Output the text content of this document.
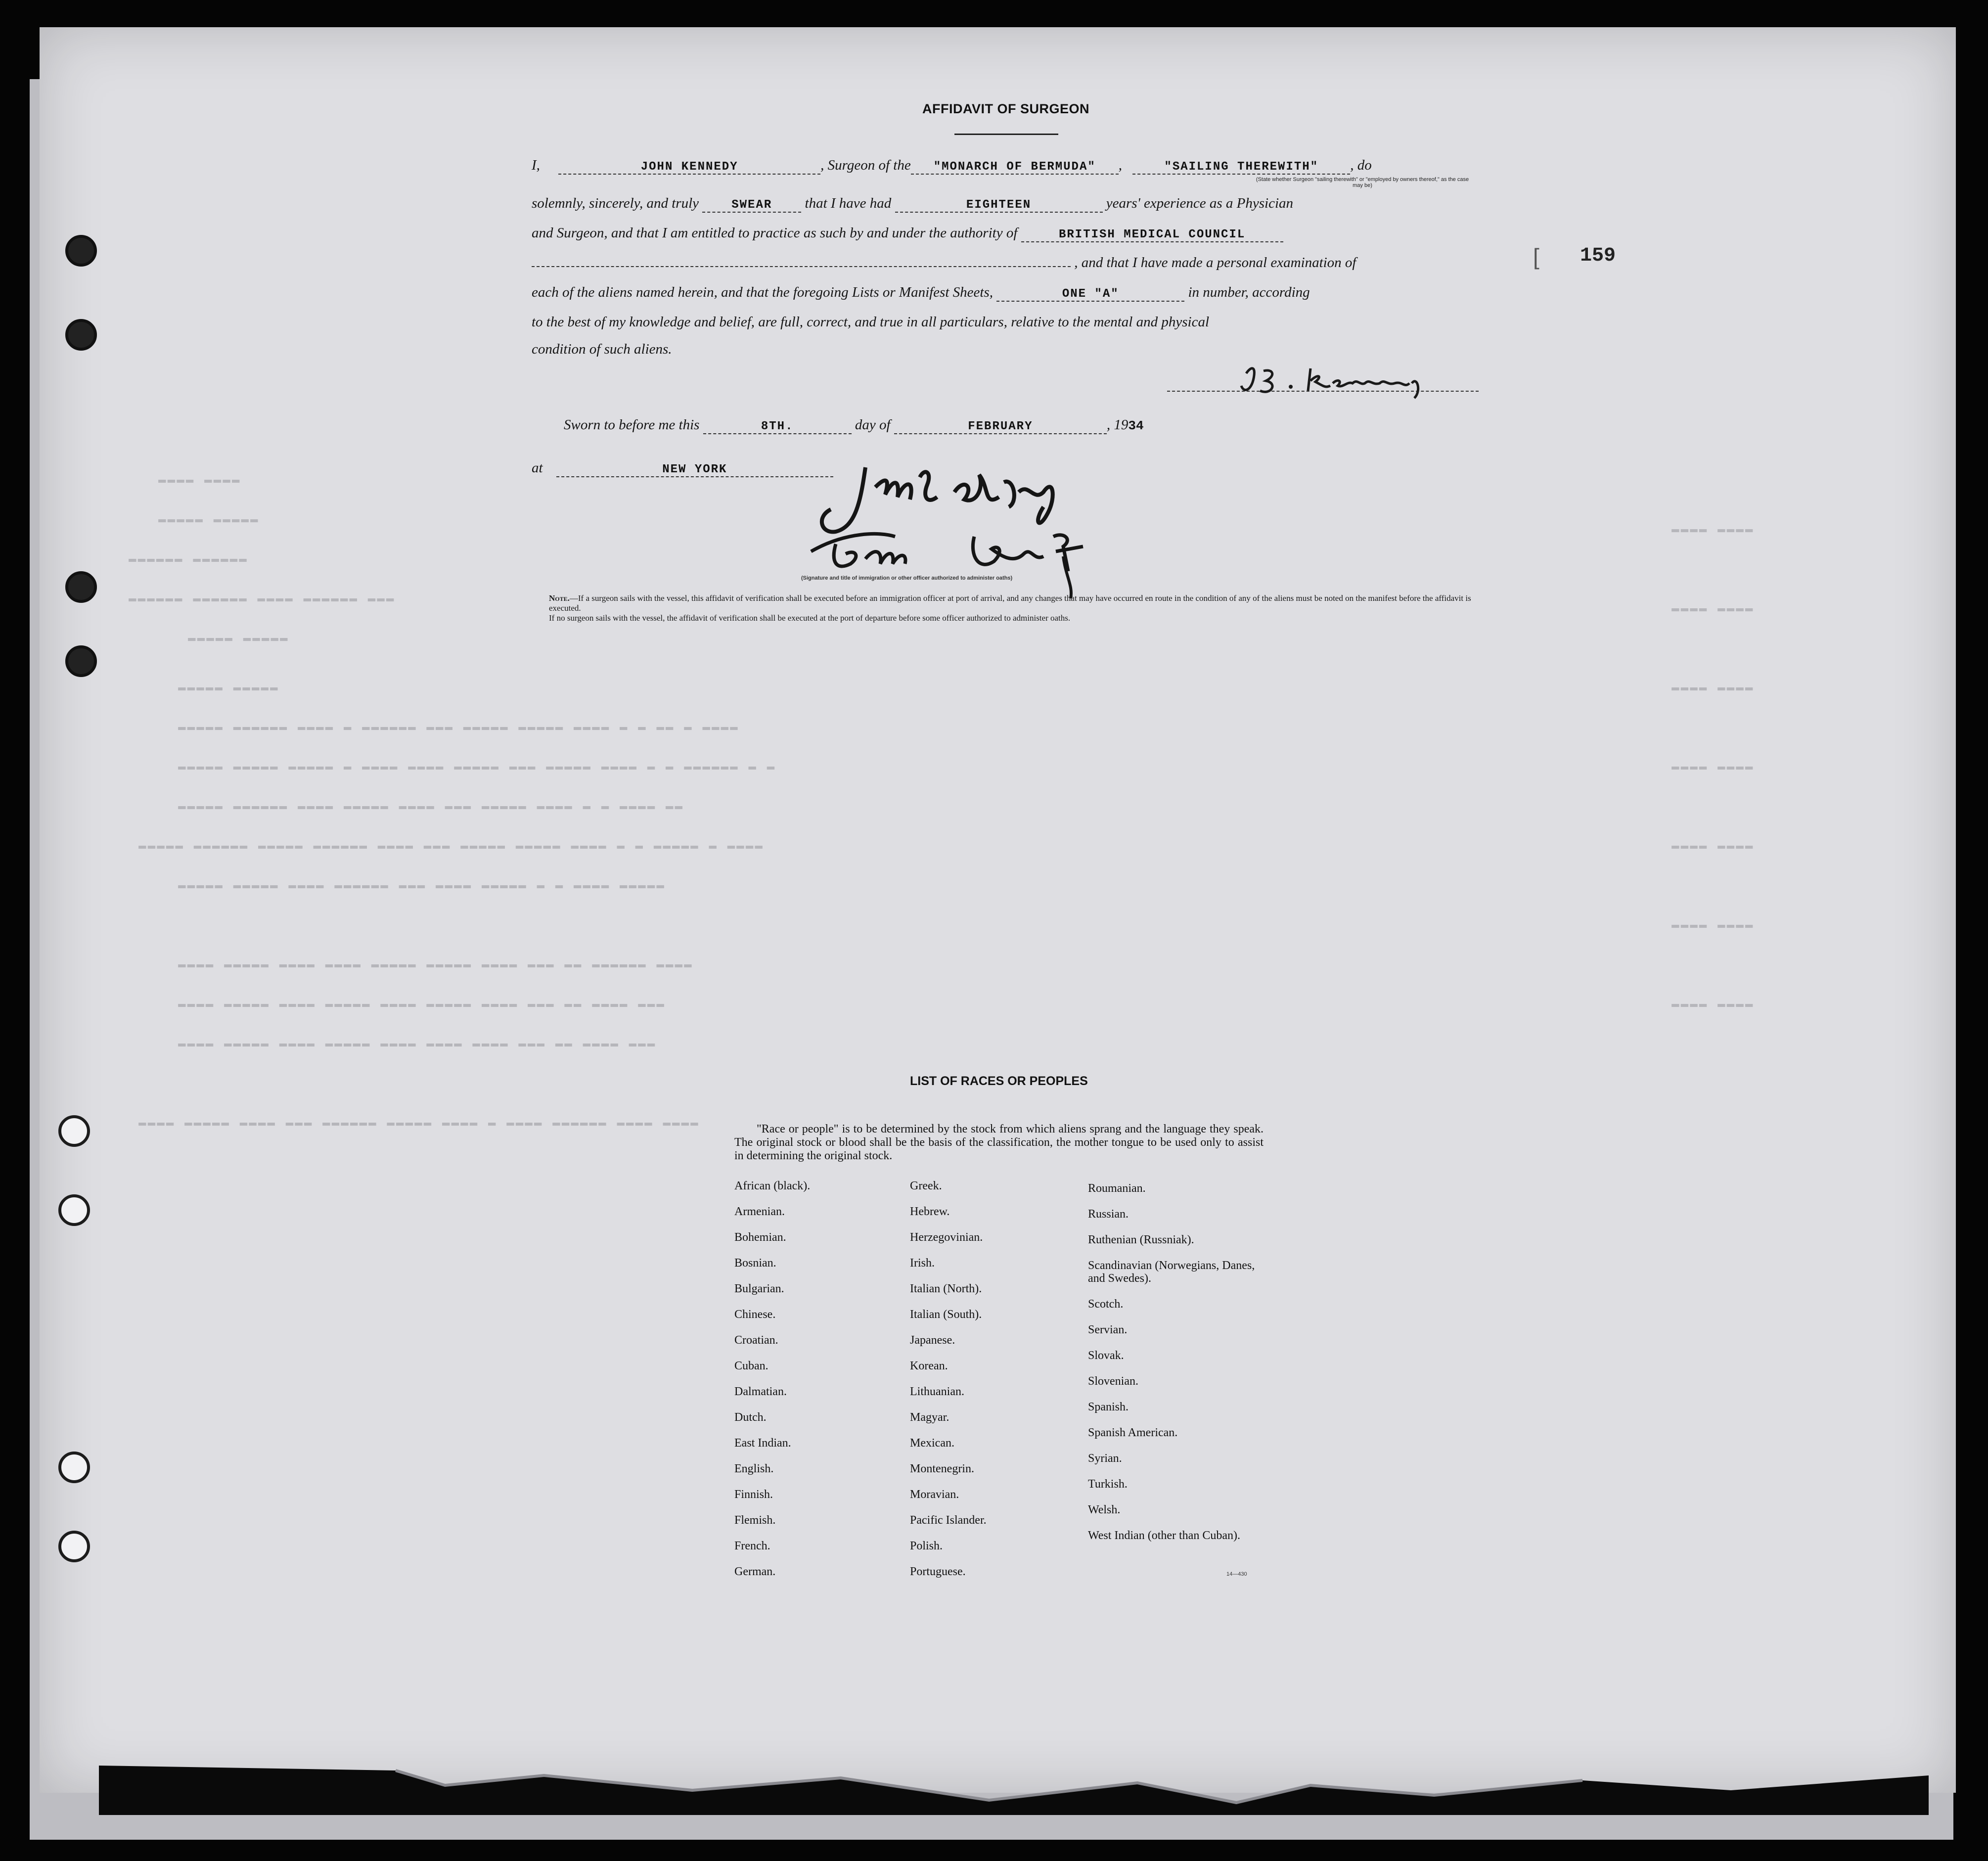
▬▬▬▬ ▬▬▬▬
▬▬▬▬▬ ▬▬▬▬▬
▬▬▬▬▬▬ ▬▬▬▬▬▬
▬▬▬▬▬▬ ▬▬▬▬▬▬ ▬▬▬▬ ▬▬▬▬▬▬ ▬▬▬
▬▬▬▬▬ ▬▬▬▬▬
▬▬▬▬▬ ▬▬▬▬▬
▬▬▬▬▬ ▬▬▬▬▬▬ ▬▬▬▬ ▬ ▬▬▬▬▬▬ ▬▬▬ ▬▬▬▬▬ ▬▬▬▬▬ ▬▬▬▬ ▬ ▬ ▬▬ ▬ ▬▬▬▬
▬▬▬▬▬ ▬▬▬▬▬ ▬▬▬▬▬ ▬ ▬▬▬▬ ▬▬▬▬ ▬▬▬▬▬ ▬▬▬ ▬▬▬▬▬ ▬▬▬▬ ▬ ▬ ▬▬▬▬▬▬ ▬ ▬
▬▬▬▬▬ ▬▬▬▬▬▬ ▬▬▬▬ ▬▬▬▬▬ ▬▬▬▬ ▬▬▬ ▬▬▬▬▬ ▬▬▬▬ ▬ ▬ ▬▬▬▬ ▬▬
▬▬▬▬▬ ▬▬▬▬▬▬ ▬▬▬▬▬ ▬▬▬▬▬▬ ▬▬▬▬ ▬▬▬ ▬▬▬▬▬ ▬▬▬▬▬ ▬▬▬▬ ▬ ▬ ▬▬▬▬▬ ▬ ▬▬▬▬
▬▬▬▬▬ ▬▬▬▬▬ ▬▬▬▬ ▬▬▬▬▬▬ ▬▬▬ ▬▬▬▬ ▬▬▬▬▬ ▬ ▬ ▬▬▬▬ ▬▬▬▬▬
▬▬▬▬ ▬▬▬▬▬ ▬▬▬▬ ▬▬▬▬ ▬▬▬▬▬ ▬▬▬▬▬ ▬▬▬▬ ▬▬▬ ▬▬ ▬▬▬▬▬▬ ▬▬▬▬
▬▬▬▬ ▬▬▬▬▬ ▬▬▬▬ ▬▬▬▬▬ ▬▬▬▬ ▬▬▬▬▬ ▬▬▬▬ ▬▬▬ ▬▬ ▬▬▬▬ ▬▬▬
▬▬▬▬ ▬▬▬▬▬ ▬▬▬▬ ▬▬▬▬▬ ▬▬▬▬ ▬▬▬▬ ▬▬▬▬ ▬▬▬ ▬▬ ▬▬▬▬ ▬▬▬
▬▬▬▬ ▬▬▬▬▬ ▬▬▬▬ ▬▬▬ ▬▬▬▬▬▬ ▬▬▬▬▬ ▬▬▬▬ ▬ ▬▬▬▬ ▬▬▬▬▬▬ ▬▬▬▬ ▬▬▬▬
▬▬▬▬ ▬▬▬▬
▬▬▬▬ ▬▬▬▬
▬▬▬▬ ▬▬▬▬
▬▬▬▬ ▬▬▬▬
▬▬▬▬ ▬▬▬▬
▬▬▬▬ ▬▬▬▬
▬▬▬▬ ▬▬▬▬
AFFIDAVIT OF SURGEON
I,	JOHN KENNEDY	, Surgeon of the "MONARCH OF BERMUDA" ,	"SAILING THEREWITH" , do
(State whether Surgeon "sailing therewith" or "employed by owners thereof," as the case may be)
solemnly, sincerely, and truly	SWEAR that I have had	EIGHTEEN	years' experience as a Physician
and Surgeon, and that I am entitled to practice as such by and under the authority of	BRITISH MEDICAL COUNCIL
, and that I have made a personal examination of
each of the aliens named herein, and that the foregoing Lists or Manifest Sheets,	ONE "A"	in number, according
to the best of my knowledge and belief, are full, correct, and true in all particulars, relative to the mental and physical
condition of such aliens.
[ 159
Sworn to before me this	8TH.	day of	FEBRUARY	, 1934
at	NEW YORK
(Signature and title of immigration or other officer authorized to administer oaths)
Note.—If a surgeon sails with the vessel, this affidavit of verification shall be executed before an immigration officer at port of arrival, and any changes that may have occurred en route in the condition of any of the aliens must be noted on the manifest before the affidavit is executed.
If no surgeon sails with the vessel, the affidavit of verification shall be executed at the port of departure before some officer authorized to administer oaths.
LIST OF RACES OR PEOPLES
"Race or people" is to be determined by the stock from which aliens sprang and the language they speak. The original stock or blood shall be the basis of the classification, the mother tongue to be used only to assist in determining the original stock.
African (black).
Armenian.
Bohemian.
Bosnian.
Bulgarian.
Chinese.
Croatian.
Cuban.
Dalmatian.
Dutch.
East Indian.
English.
Finnish.
Flemish.
French.
German.
Greek.
Hebrew.
Herzegovinian.
Irish.
Italian (North).
Italian (South).
Japanese.
Korean.
Lithuanian.
Magyar.
Mexican.
Montenegrin.
Moravian.
Pacific Islander.
Polish.
Portuguese.
Roumanian.
Russian.
Ruthenian (Russniak).
Scandinavian (Norwegians, Danes, and Swedes).
Scotch.
Servian.
Slovak.
Slovenian.
Spanish.
Spanish American.
Syrian.
Turkish.
Welsh.
West Indian (other than Cuban).
14—430
